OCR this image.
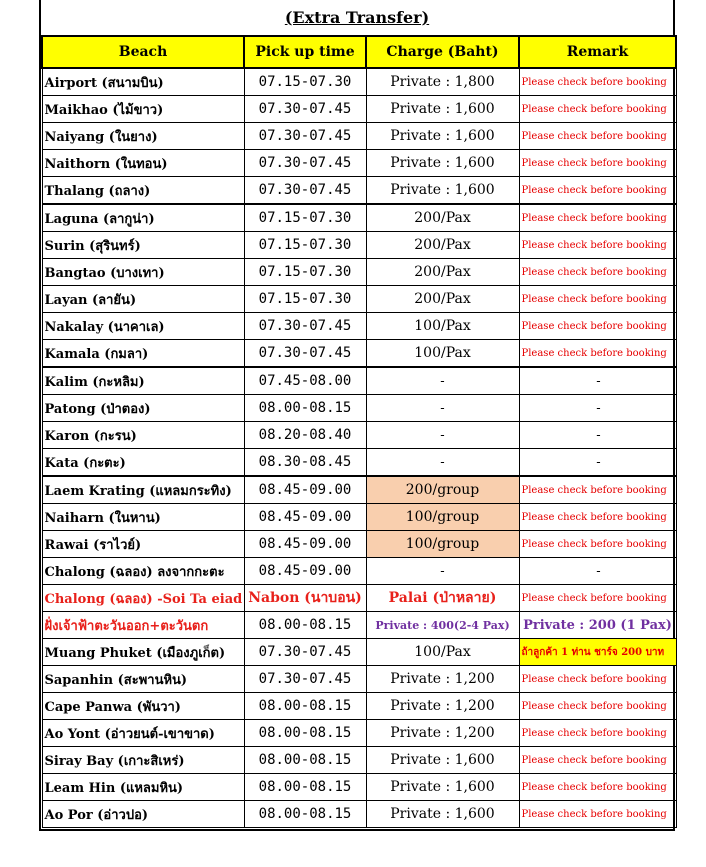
(Extra Transfer)
Beach	Pick up time	Charge (Baht)	Remark
Airport (สนามบิน)	07.15-07.30	Private : 1,800	Please check before booking
Maikhao (ไม้ขาว)	07.30-07.45	Private : 1,600	Please check before booking
Naiyang (ในยาง)	07.30-07.45	Private : 1,600	Please check before booking
Naithorn (ในทอน)	07.30-07.45	Private : 1,600	Please check before booking
Thalang (ถลาง)	07.30-07.45	Private : 1,600	Please check before booking
Laguna (ลากูน่า)	07.15-07.30	200/Pax	Please check before booking
Surin (สุรินทร์)	07.15-07.30	200/Pax	Please check before booking
Bangtao (บางเทา)	07.15-07.30	200/Pax	Please check before booking
Layan (ลายัน)	07.15-07.30	200/Pax	Please check before booking
Nakalay (นาคาเล)	07.30-07.45	100/Pax	Please check before booking
Kamala (กมลา)	07.30-07.45	100/Pax	Please check before booking
Kalim (กะหลิม)	07.45-08.00	-	-
Patong (ป่าตอง)	08.00-08.15	-	-
Karon (กะรน)	08.20-08.40	-	-
Kata (กะตะ)	08.30-08.45	-	-
Laem Krating (แหลมกระทิง)	08.45-09.00	200/group	Please check before booking
Naiharn (ในหาน)	08.45-09.00	100/group	Please check before booking
Rawai (ราไวย์)	08.45-09.00	100/group	Please check before booking
Chalong (ฉลอง) ลงจากกะตะ	08.45-09.00	-	-
Chalong (ฉลอง) -Soi Ta eiad	Nabon (นาบอน)	Palai (ป่าหลาย)	Please check before booking
ฝั่งเจ้าฟ้าตะวันออก+ตะวันตก	08.00-08.15	Private : 400(2-4 Pax)	Private : 200 (1 Pax)
Muang Phuket (เมืองภูเก็ต)	07.30-07.45	100/Pax	ถ้าลูกค้า 1 ท่าน ชาร์จ 200 บาท
Sapanhin (สะพานหิน)	07.30-07.45	Private : 1,200	Please check before booking
Cape Panwa (พันวา)	08.00-08.15	Private : 1,200	Please check before booking
Ao Yont (อ่าวยนต์-เขาขาด)	08.00-08.15	Private : 1,200	Please check before booking
Siray Bay (เกาะสิเหร่)	08.00-08.15	Private : 1,600	Please check before booking
Leam Hin (แหลมหิน)	08.00-08.15	Private : 1,600	Please check before booking
Ao Por (อ่าวปอ)	08.00-08.15	Private : 1,600	Please check before booking
